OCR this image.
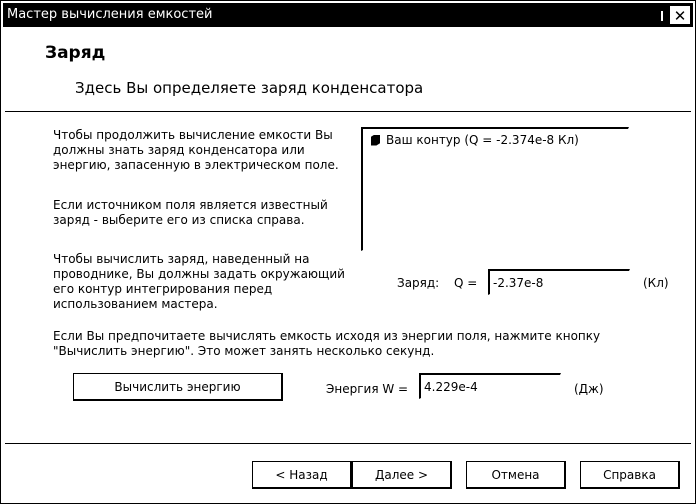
Мастер вычисления емкостей	✕
Заряд
Здесь Вы определяете заряд конденсатора
Чтобы продолжить вычисление емкости Вы должны знать заряд конденсатора или энергию, запасенную в электрическом поле.
Если источником поля является известный заряд - выберите его из списка справа.
Чтобы вычислить заряд, наведенный на проводнике, Вы должны задать окружающий его контур интегрирования перед использованием мастера.
Ваш контур (Q = -2.374e-8 Кл)
Заряд: Q =
-2.37e-8	(Кл)
Если Вы предпочитаете вычислять емкость исходя из энергии поля, нажмите кнопку "Вычислить энергию". Это может занять несколько секунд.
Вычислить энергию	Энергия W =
4.229e-4	(Дж)
< Назад	Далее >	Отмена	Справка
